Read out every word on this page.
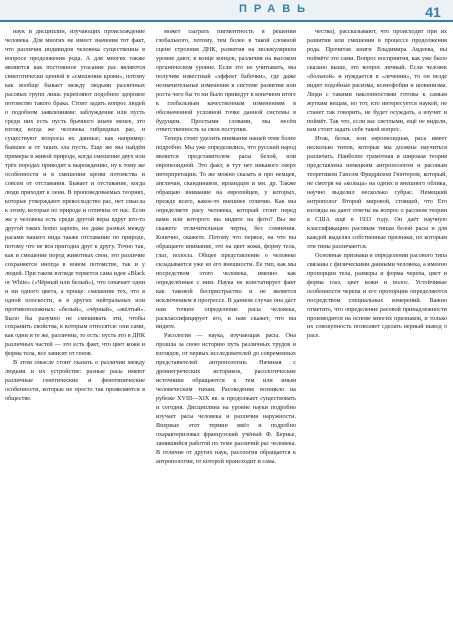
ПРАВЬ	41

наук и дисциплин, изучающих происхождение человека. Для многих не имеет значения тот факт, что различия индивидов человека существенны в вопросе продолжения рода. А для многих также являются как постоянное угасание рас являются свиеготически ценной в «смешении крови», потому как вообще бывает между людьми различных расовых групп лишь укрепляют подобное здоровое потомство такого брака. Стоит задать вопрос людей о подобном заявлениями: заблуждение или пусть среди них есть пусть брачного иначе менее, это взгляд когда же человека гибридных рас, и существуют вопросы их данные; как например: бывшее и от таких зла пусть. Еще же мы найдём примеры в живой природе, когда смешение двух или трёх породах приводит к вырождению, ну к тому же особенности и в смешении крови потомства и совсем от отставания. Бывает и отставание, когда люди приходят к лени. В проповедоваемых теориях, которые утверждают превосходство рас, нет смысла к этому, которые по природе и отличны от нас. Если же у человека есть среди другой веры вдруг кто-то другой таких homo sapiens, но даже разных между расами нашего вида также отставание по природе, потому что не вся пригодна друг к другу. Точно так, как и смешение пород животных свои, это различие сохраняется иногда в новом потомстве, так и у людей. При таком взгляде теряется сама идея «Black or White» («Чёрный или белый»), что означает одни и ни одного цвета, а проще: смешение тех, что в одной плоскости, и в других нейтральных или противоположных: «белый», «чёрный», «жёлтый». Было бы разумно не смешивать эти, чтобы сохранить свойства, к которым относятся: они сами, как одни и те же, различны, то есть: пусть это в ДНК различных частей — это есть факт, что цвет кожи и форма тела, все зависят от генов.

В этом смысле стоит сказать о различии между людьми и их устройстве: разные расы имеют различные генетические и фенотипические особенности, которые не просто так проявляются в обществе.

может сыграть пигментность в решении глобального, потому, тем более в такой сложной сцене строения ДНК, развития на молекулярном уровне дают, в конце концов, различия на высоком органическом уровне. Если это не учитывать, мы получим известный «эффект бабочки», где даже незначительные изменения в системе развития или роста чего бы то ни было приведут в конечном итоге к глобальным качественным изменениям в обозначенной условной точке данной системы в будущем. Простыми словами, мы несём ответственность за свои поступки.

Теперь стоит уделить внимание нашей теме более подробно. Мы уже определились, что русский народ является представителем расы белой, или европеоидной. Это факт, и тут нет никакого сверх интерпретации. То же можно сказать и про немцев, англичан, скандинавов, ирландцев и мн. др. Также обращаю внимание на европейцев, у которых, прежде всего, какое-то внешнее отличие. Как мы определяете расу человека, который стоит перед вами или которого вы видите на фото? Вы же скажете отличительные черты, без сомнения. Конечно, скажете. Потому что первое, на что вы обращаете внимание, это на цвет кожи, форму тела, глаз, волосы. Общее представление о человеке складывается уже из его внешности. Ее тип, как мы посредством этого человека, именно как определённые с ним. Наука не констатирует факт как таковой беспристрастно и не является исключением в прогрессе. В данном случае она даст нам точное определение расы человека, расклассифицирует его, и нам скажет, что вы видите.

Расология — наука, изучающая расы. Она прошла за свою историю путь различных трудов и взглядов, от первых исследователей до современных представителей антропологии. Начиная с древнегреческих историков, расологические источники обращаются к тем или иным человеческим типам. Расоведение возникло на рубеже XVIII—XIX вв. и продолжает существовать и сегодня. Дисциплина на уровне науки подробно изучает расы человека и различия наружности. Впервые этот термин ввёл и подробно охарактеризовал французский учёный Ф. Бернье, занявшийся работой по теме различий рас человека. В отличие от других наук, расология обращается к антропологии, от которой происходит и сама.

чества), рассказывают, что происходит при их развитии или смешении в процессе продолжения рода. Прочитав книги Владимира Авдеева, вы поймёте это сами. Вопрос восприятия, как уже было сказано выше, это вопрос личный. Если человек «больной» и нуждается в «лечении», то он везде видит подобные расизма, ксенофобии и шовинизма. Люди с такими наклонностями готовы к самым жутким вещам, но тот, кто интересуется наукой, не станет так говорить, не будет осуждать, а изучит и поймёт. Так что, если вас светлыми, ещё не видели, вам стоит задать себе такой вопрос.

Итак, белая, или европеоидная, раса имеет несколько типов, которые мы должны научиться различать. Наиболее грамотная и широкая теория представлена немецким антропологом и расовым теоретиком Гансом Фридрихом Гюнтером, который, не смотря на «кольца» на одних и внешнего облика, научно выделил несколько субрас. Немецкий антрополог Второй мировой, стоящей, что Его взгляды на дают ответы на вопрос о расовом теории в США ещё в 1933 году. Он даёт научную классификацию расовым типам белой расы и для каждой выделял собственные признаки, по которым эти типы различаются.

Основные признаки в определении расового типа связаны с физическими данными человека, а именно пропорции тела, размеры и форма черепа, цвет и форма глаз, цвет кожи и волос. Устойчивые особенности черепа и его пропорции определяются посредством специальных измерений. Важно отметить, что определение расовой принадлежности производится на основе многих признаков, и только их совокупность позволяет сделать верный вывод о расе.
